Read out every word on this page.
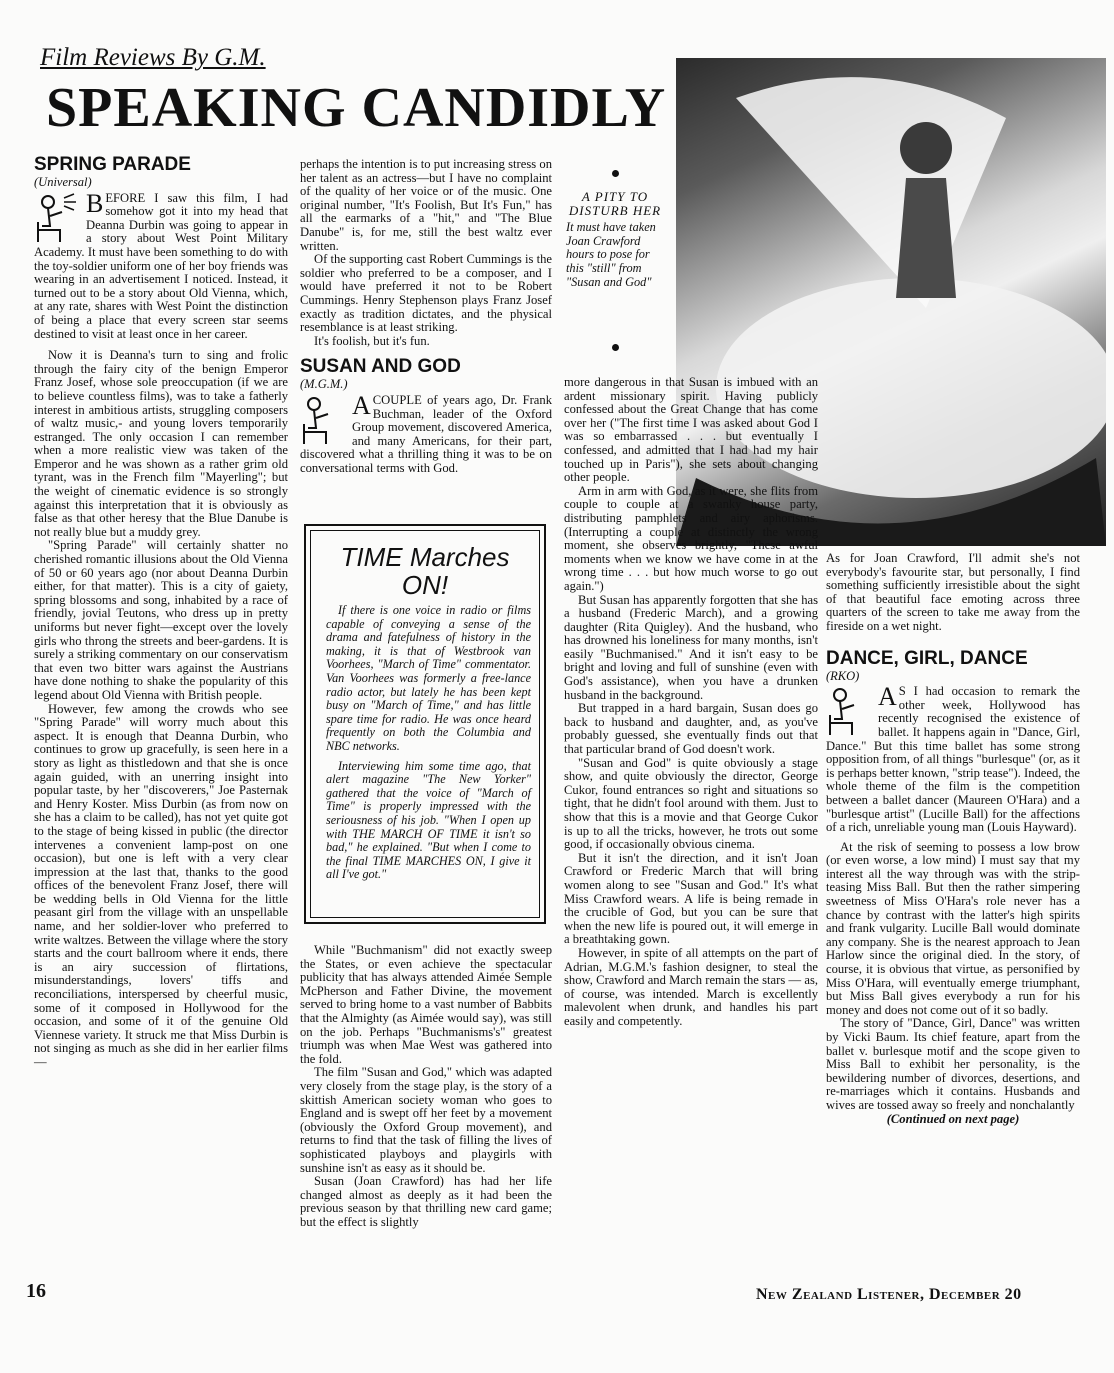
Film Reviews By G.M.
SPEAKING CANDIDLY
SPRING PARADE
(Universal)

BEFORE I saw this film, I had somehow got it into my head that Deanna Durbin was going to appear in a story about West Point Military Academy. It must have been something to do with the toy-soldier uniform one of her boy friends was wearing in an advertisement I noticed. Instead, it turned out to be a story about Old Vienna, which, at any rate, shares with West Point the distinction of being a place that every screen star seems destined to visit at least once in her career.

Now it is Deanna's turn to sing and frolic through the fairy city of the benign Emperor Franz Josef, whose sole preoccupation (if we are to believe countless films), was to take a fatherly interest in ambitious artists, struggling composers of waltz music,- and young lovers temporarily estranged. The only occasion I can remember when a more realistic view was taken of the Emperor and he was shown as a rather grim old tyrant, was in the French film "Mayerling"; but the weight of cinematic evidence is so strongly against this interpretation that it is obviously as false as that other heresy that the Blue Danube is not really blue but a muddy grey.

"Spring Parade" will certainly shatter no cherished romantic illusions about the Old Vienna of 50 or 60 years ago (nor about Deanna Durbin either, for that matter). This is a city of gaiety, spring blossoms and song, inhabited by a race of friendly, jovial Teutons, who dress up in pretty uniforms but never fight—except over the lovely girls who throng the streets and beer-gardens. It is surely a striking commentary on our conservatism that even two bitter wars against the Austrians have done nothing to shake the popularity of this legend about Old Vienna with British people.

However, few among the crowds who see "Spring Parade" will worry much about this aspect. It is enough that Deanna Durbin, who continues to grow up gracefully, is seen here in a story as light as thistledown and that she is once again guided, with an unerring insight into popular taste, by her "discoverers," Joe Pasternak and Henry Koster. Miss Durbin (as from now on she has a claim to be called), has not yet quite got to the stage of being kissed in public (the director intervenes a convenient lamp-post on one occasion), but one is left with a very clear impression at the last that, thanks to the good offices of the benevolent Franz Josef, there will be wedding bells in Old Vienna for the little peasant girl from the village with an unspellable name, and her soldier-lover who preferred to write waltzes. Between the village where the story starts and the court ballroom where it ends, there is an airy succession of flirtations, misunderstandings, lovers' tiffs and reconciliations, interspersed by cheerful music, some of it composed in Hollywood for the occasion, and some of it of the genuine Old Viennese variety. It struck me that Miss Durbin is not singing as much as she did in her earlier films—

perhaps the intention is to put increasing stress on her talent as an actress—but I have no complaint of the quality of her voice or of the music. One original number, "It's Foolish, But It's Fun," has all the earmarks of a "hit," and "The Blue Danube" is, for me, still the best waltz ever written.

Of the supporting cast Robert Cummings is the soldier who preferred to be a composer, and I would have preferred it not to be Robert Cummings. Henry Stephenson plays Franz Josef exactly as tradition dictates, and the physical resemblance is at least striking.

It's foolish, but it's fun.

SUSAN AND GOD
(M.G.M.)

ACOUPLE of years ago, Dr. Frank Buchman, leader of the Oxford Group movement, discovered America, and many Americans, for their part, discovered what a thrilling thing it was to be on conversational terms with God.

TIME Marches
ON!

If there is one voice in radio or films capable of conveying a sense of the drama and fatefulness of history in the making, it is that of Westbrook van Voorhees, "March of Time" commentator. Van Voorhees was formerly a free-lance radio actor, but lately he has been kept busy on "March of Time," and has little spare time for radio. He was once heard frequently on both the Columbia and NBC networks.

Interviewing him some time ago, that alert magazine "The New Yorker" gathered that the voice of "March of Time" is properly impressed with the seriousness of his job. "When I open up with THE MARCH OF TIME it isn't so bad," he explained. "But when I come to the final TIME MARCHES ON, I give it all I've got."

While "Buchmanism" did not exactly sweep the States, or even achieve the spectacular publicity that has always attended Aimée Semple McPherson and Father Divine, the movement served to bring home to a vast number of Babbits that the Almighty (as Aimée would say), was still on the job. Perhaps "Buchmanisms's" greatest triumph was when Mae West was gathered into the fold.

The film "Susan and God," which was adapted very closely from the stage play, is the story of a skittish American society woman who goes to England and is swept off her feet by a movement (obviously the Oxford Group movement), and returns to find that the task of filling the lives of sophisticated playboys and playgirls with sunshine isn't as easy as it should be.

Susan (Joan Crawford) has had her life changed almost as deeply as it had been the previous season by that thrilling new card game; but the effect is slightly

A PITY TO DISTURB HER
It must have taken Joan Crawford hours to pose for this "still" from "Susan and God"

more dangerous in that Susan is imbued with an ardent missionary spirit. Having publicly confessed about the Great Change that has come over her ("The first time I was asked about God I was so embarrassed . . . but eventually I confessed, and admitted that I had had my hair touched up in Paris"), she sets about changing other people.

Arm in arm with God, as it were, she flits from couple to couple at a swanky house party, distributing pamphlets and airy aphorisms. (Interrupting a couple at distinctly the wrong moment, she observes brightly, "These awful moments when we know we have come in at the wrong time . . . but how much worse to go out again.")

But Susan has apparently forgotten that she has a husband (Frederic March), and a growing daughter (Rita Quigley). And the husband, who has drowned his loneliness for many months, isn't easily "Buchmanised." And it isn't easy to be bright and loving and full of sunshine (even with God's assistance), when you have a drunken husband in the background.

But trapped in a hard bargain, Susan does go back to husband and daughter, and, as you've probably guessed, she eventually finds out that that particular brand of God doesn't work.

"Susan and God" is quite obviously a stage show, and quite obviously the director, George Cukor, found entrances so right and situations so tight, that he didn't fool around with them. Just to show that this is a movie and that George Cukor is up to all the tricks, however, he trots out some good, if occasionally obvious cinema.

But it isn't the direction, and it isn't Joan Crawford or Frederic March that will bring women along to see "Susan and God." It's what Miss Crawford wears. A life is being remade in the crucible of God, but you can be sure that when the new life is poured out, it will emerge in a breathtaking gown.

However, in spite of all attempts on the part of Adrian, M.G.M.'s fashion designer, to steal the show, Crawford and March remain the stars — as, of course, was intended. March is excellently malevolent when drunk, and handles his part easily and competently.

As for Joan Crawford, I'll admit she's not everybody's favourite star, but personally, I find something sufficiently irresistible about the sight of that beautiful face emoting across three quarters of the screen to take me away from the fireside on a wet night.

DANCE, GIRL, DANCE
(RKO)

A S I had occasion to remark the other week, Hollywood has recently recognised the existence of ballet. It happens again in "Dance, Girl, Dance." But this time ballet has some strong opposition from, of all things "burlesque" (or, as it is perhaps better known, "strip tease"). Indeed, the whole theme of the film is the competition between a ballet dancer (Maureen O'Hara) and a "burlesque artist" (Lucille Ball) for the affections of a rich, unreliable young man (Louis Hayward).

At the risk of seeming to possess a low brow (or even worse, a low mind) I must say that my interest all the way through was with the strip-teasing Miss Ball. But then the rather simpering sweetness of Miss O'Hara's role never has a chance by contrast with the latter's high spirits and frank vulgarity. Lucille Ball would dominate any company. She is the nearest approach to Jean Harlow since the original died. In the story, of course, it is obvious that virtue, as personified by Miss O'Hara, will eventually emerge triumphant, but Miss Ball gives everybody a run for his money and does not come out of it so badly.

The story of "Dance, Girl, Dance" was written by Vicki Baum. Its chief feature, apart from the ballet v. burlesque motif and the scope given to Miss Ball to exhibit her personality, is the bewildering number of divorces, desertions, and re-marriages which it contains. Husbands and wives are tossed away so freely and nonchalantly

(Continued on next page)

16	New Zealand Listener, December 20
